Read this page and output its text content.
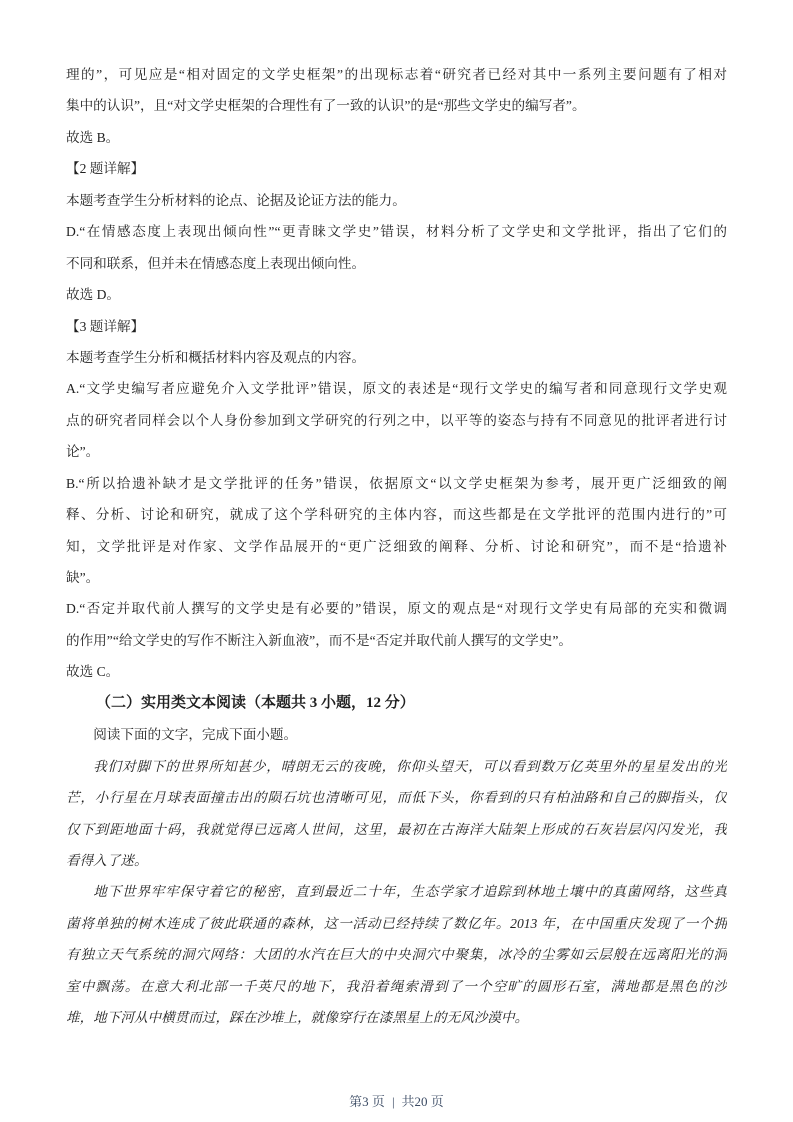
理的”，可见应是“相对固定的文学史框架”的出现标志着“研究者已经对其中一系列主要问题有了相对
集中的认识”，且“对文学史框架的合理性有了一致的认识”的是“那些文学史的编写者”。
故选 B。
【2 题详解】
本题考查学生分析材料的论点、论据及论证方法的能力。
D.“在情感态度上表现出倾向性”“更青睐文学史”错误，材料分析了文学史和文学批评，指出了它们的
不同和联系，但并未在情感态度上表现出倾向性。
故选 D。
【3 题详解】
本题考查学生分析和概括材料内容及观点的内容。
A.“文学史编写者应避免介入文学批评”错误，原文的表述是“现行文学史的编写者和同意现行文学史观
点的研究者同样会以个人身份参加到文学研究的行列之中，以平等的姿态与持有不同意见的批评者进行讨
论”。
B.“所以拾遗补缺才是文学批评的任务”错误，依据原文“以文学史框架为参考，展开更广泛细致的阐
释、分析、讨论和研究，就成了这个学科研究的主体内容，而这些都是在文学批评的范围内进行的”可
知，文学批评是对作家、文学作品展开的“更广泛细致的阐释、分析、讨论和研究”，而不是“拾遗补
缺”。
D.“否定并取代前人撰写的文学史是有必要的”错误，原文的观点是“对现行文学史有局部的充实和微调
的作用”“给文学史的写作不断注入新血液”，而不是“否定并取代前人撰写的文学史”。
故选 C。
（二）实用类文本阅读（本题共 3 小题，12 分）
阅读下面的文字，完成下面小题。
我们对脚下的世界所知甚少，晴朗无云的夜晚，你仰头望天，可以看到数万亿英里外的星星发出的光
芒，小行星在月球表面撞击出的陨石坑也清晰可见，而低下头，你看到的只有柏油路和自己的脚指头，仅
仅下到距地面十码，我就觉得已远离人世间，这里，最初在古海洋大陆架上形成的石灰岩层闪闪发光，我
看得入了迷。
地下世界牢牢保守着它的秘密，直到最近二十年，生态学家才追踪到林地土壤中的真菌网络，这些真
菌将单独的树木连成了彼此联通的森林，这一活动已经持续了数亿年。2013 年，在中国重庆发现了一个拥
有独立天气系统的洞穴网络：大团的水汽在巨大的中央洞穴中聚集，冰冷的尘雾如云层般在远离阳光的洞
室中飘荡。在意大利北部一千英尺的地下，我沿着绳索滑到了一个空旷的圆形石室，满地都是黑色的沙
堆，地下河从中横贯而过，踩在沙堆上，就像穿行在漆黑星上的无风沙漠中。
第3 页 | 共20 页
